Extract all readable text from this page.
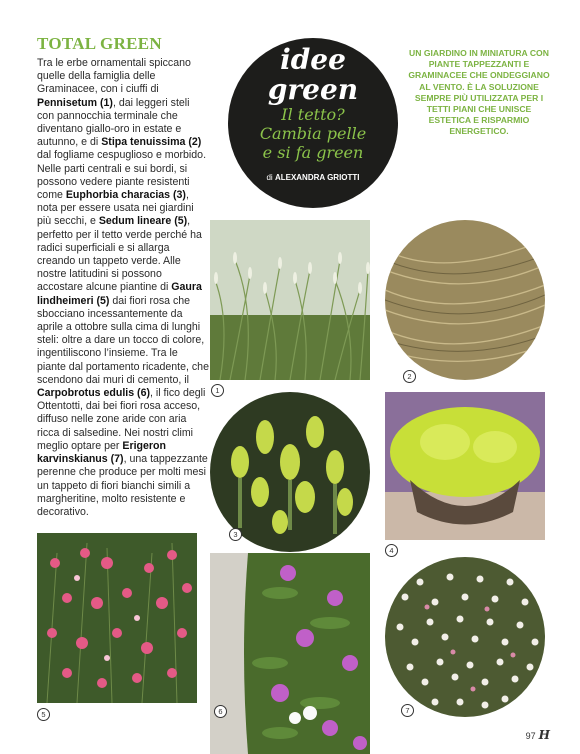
TOTAL GREEN

Tra le erbe ornamentali spiccano quelle della famiglia delle Graminacee, con i ciuffi di Pennisetum (1), dai leggeri steli con pannocchia terminale che diventano giallo-oro in estate e autunno, e di Stipa tenuissima (2) dal fogliame cespuglioso e morbido. Nelle parti centrali e sui bordi, si possono vedere piante resistenti come Euphorbia characias (3), nota per essere usata nei giardini più secchi, e Sedum lineare (5), perfetto per il tetto verde perché ha radici superficiali e si allarga creando un tappeto verde. Alle nostre latitudini si possono accostare alcune piantine di Gaura lindheimeri (5) dai fiori rosa che sbocciano incessantemente da aprile a ottobre sulla cima di lunghi steli: oltre a dare un tocco di colore, ingentiliscono l’insieme. Tra le piante dal portamento ricadente, che scendono dai muri di cemento, il Carpobrotus edulis (6), il fico degli Ottentotti, dai bei fiori rosa acceso, diffuso nelle zone aride con aria ricca di salsedine. Nei nostri climi meglio optare per Erigeron karvinskianus (7), una tappezzante perenne che produce per molti mesi un tappeto di fiori bianchi simili a margheritine, molto resistente e decorativo.

idee
green
Il tetto?
Cambia pelle
e si fa green
di ALEXANDRA GRIOTTI
UN GIARDINO IN MINIATURA CON PIANTE TAPPEZZANTI E GRAMINACEE CHE ONDEGGIANO AL VENTO. È LA SOLUZIONE SEMPRE PIÙ UTILIZZATA PER I TETTI PIANI CHE UNISCE ESTETICA E RISPARMIO ENERGETICO.
1
2
3
4
5	6	7
97 H
